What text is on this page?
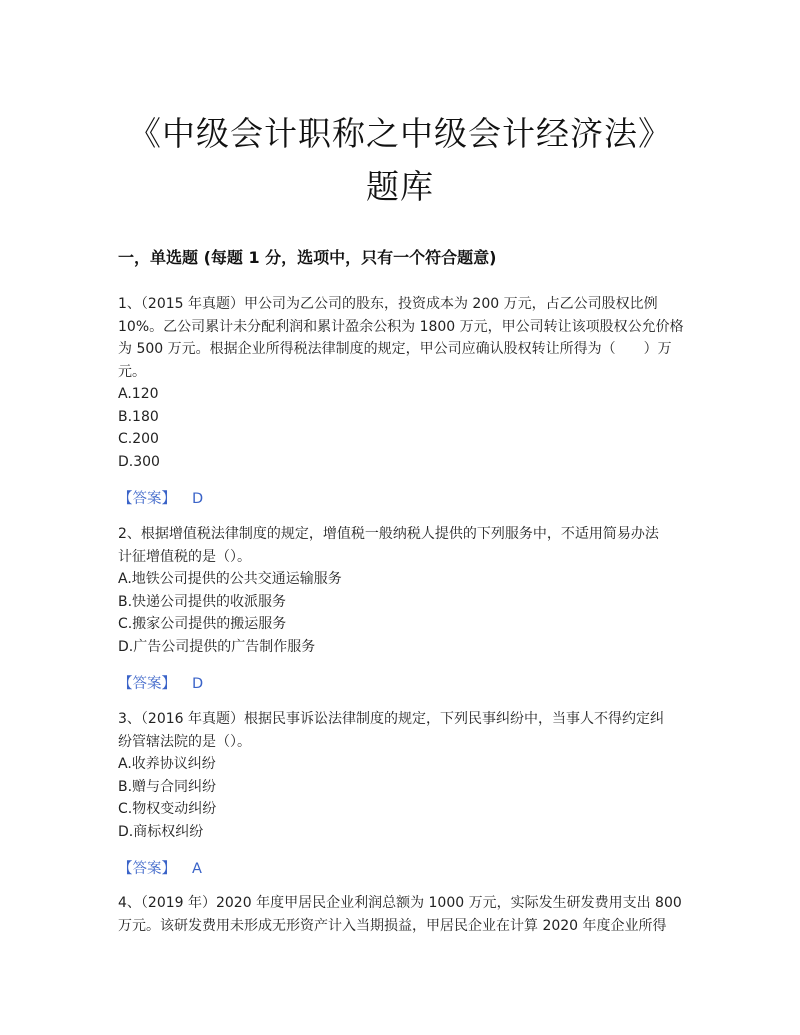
《中级会计职称之中级会计经济法》
题库
一，单选题 (每题 1 分，选项中，只有一个符合题意)
1、（2015 年真题）甲公司为乙公司的股东，投资成本为 200 万元，占乙公司股权比例
10%。乙公司累计未分配利润和累计盈余公积为 1800 万元，甲公司转让该项股权公允价格
为 500 万元。根据企业所得税法律制度的规定，甲公司应确认股权转让所得为（　　）万
元。
A.120
B.180
C.200
D.300
【答案】 D
2、根据增值税法律制度的规定，增值税一般纳税人提供的下列服务中，不适用简易办法
计征增值税的是（）。
A.地铁公司提供的公共交通运输服务
B.快递公司提供的收派服务
C.搬家公司提供的搬运服务
D.广告公司提供的广告制作服务
【答案】 D
3、（2016 年真题）根据民事诉讼法律制度的规定，下列民事纠纷中，当事人不得约定纠
纷管辖法院的是（）。
A.收养协议纠纷
B.赠与合同纠纷
C.物权变动纠纷
D.商标权纠纷
【答案】 A
4、（2019 年）2020 年度甲居民企业利润总额为 1000 万元，实际发生研发费用支出 800
万元。该研发费用未形成无形资产计入当期损益，甲居民企业在计算 2020 年度企业所得
